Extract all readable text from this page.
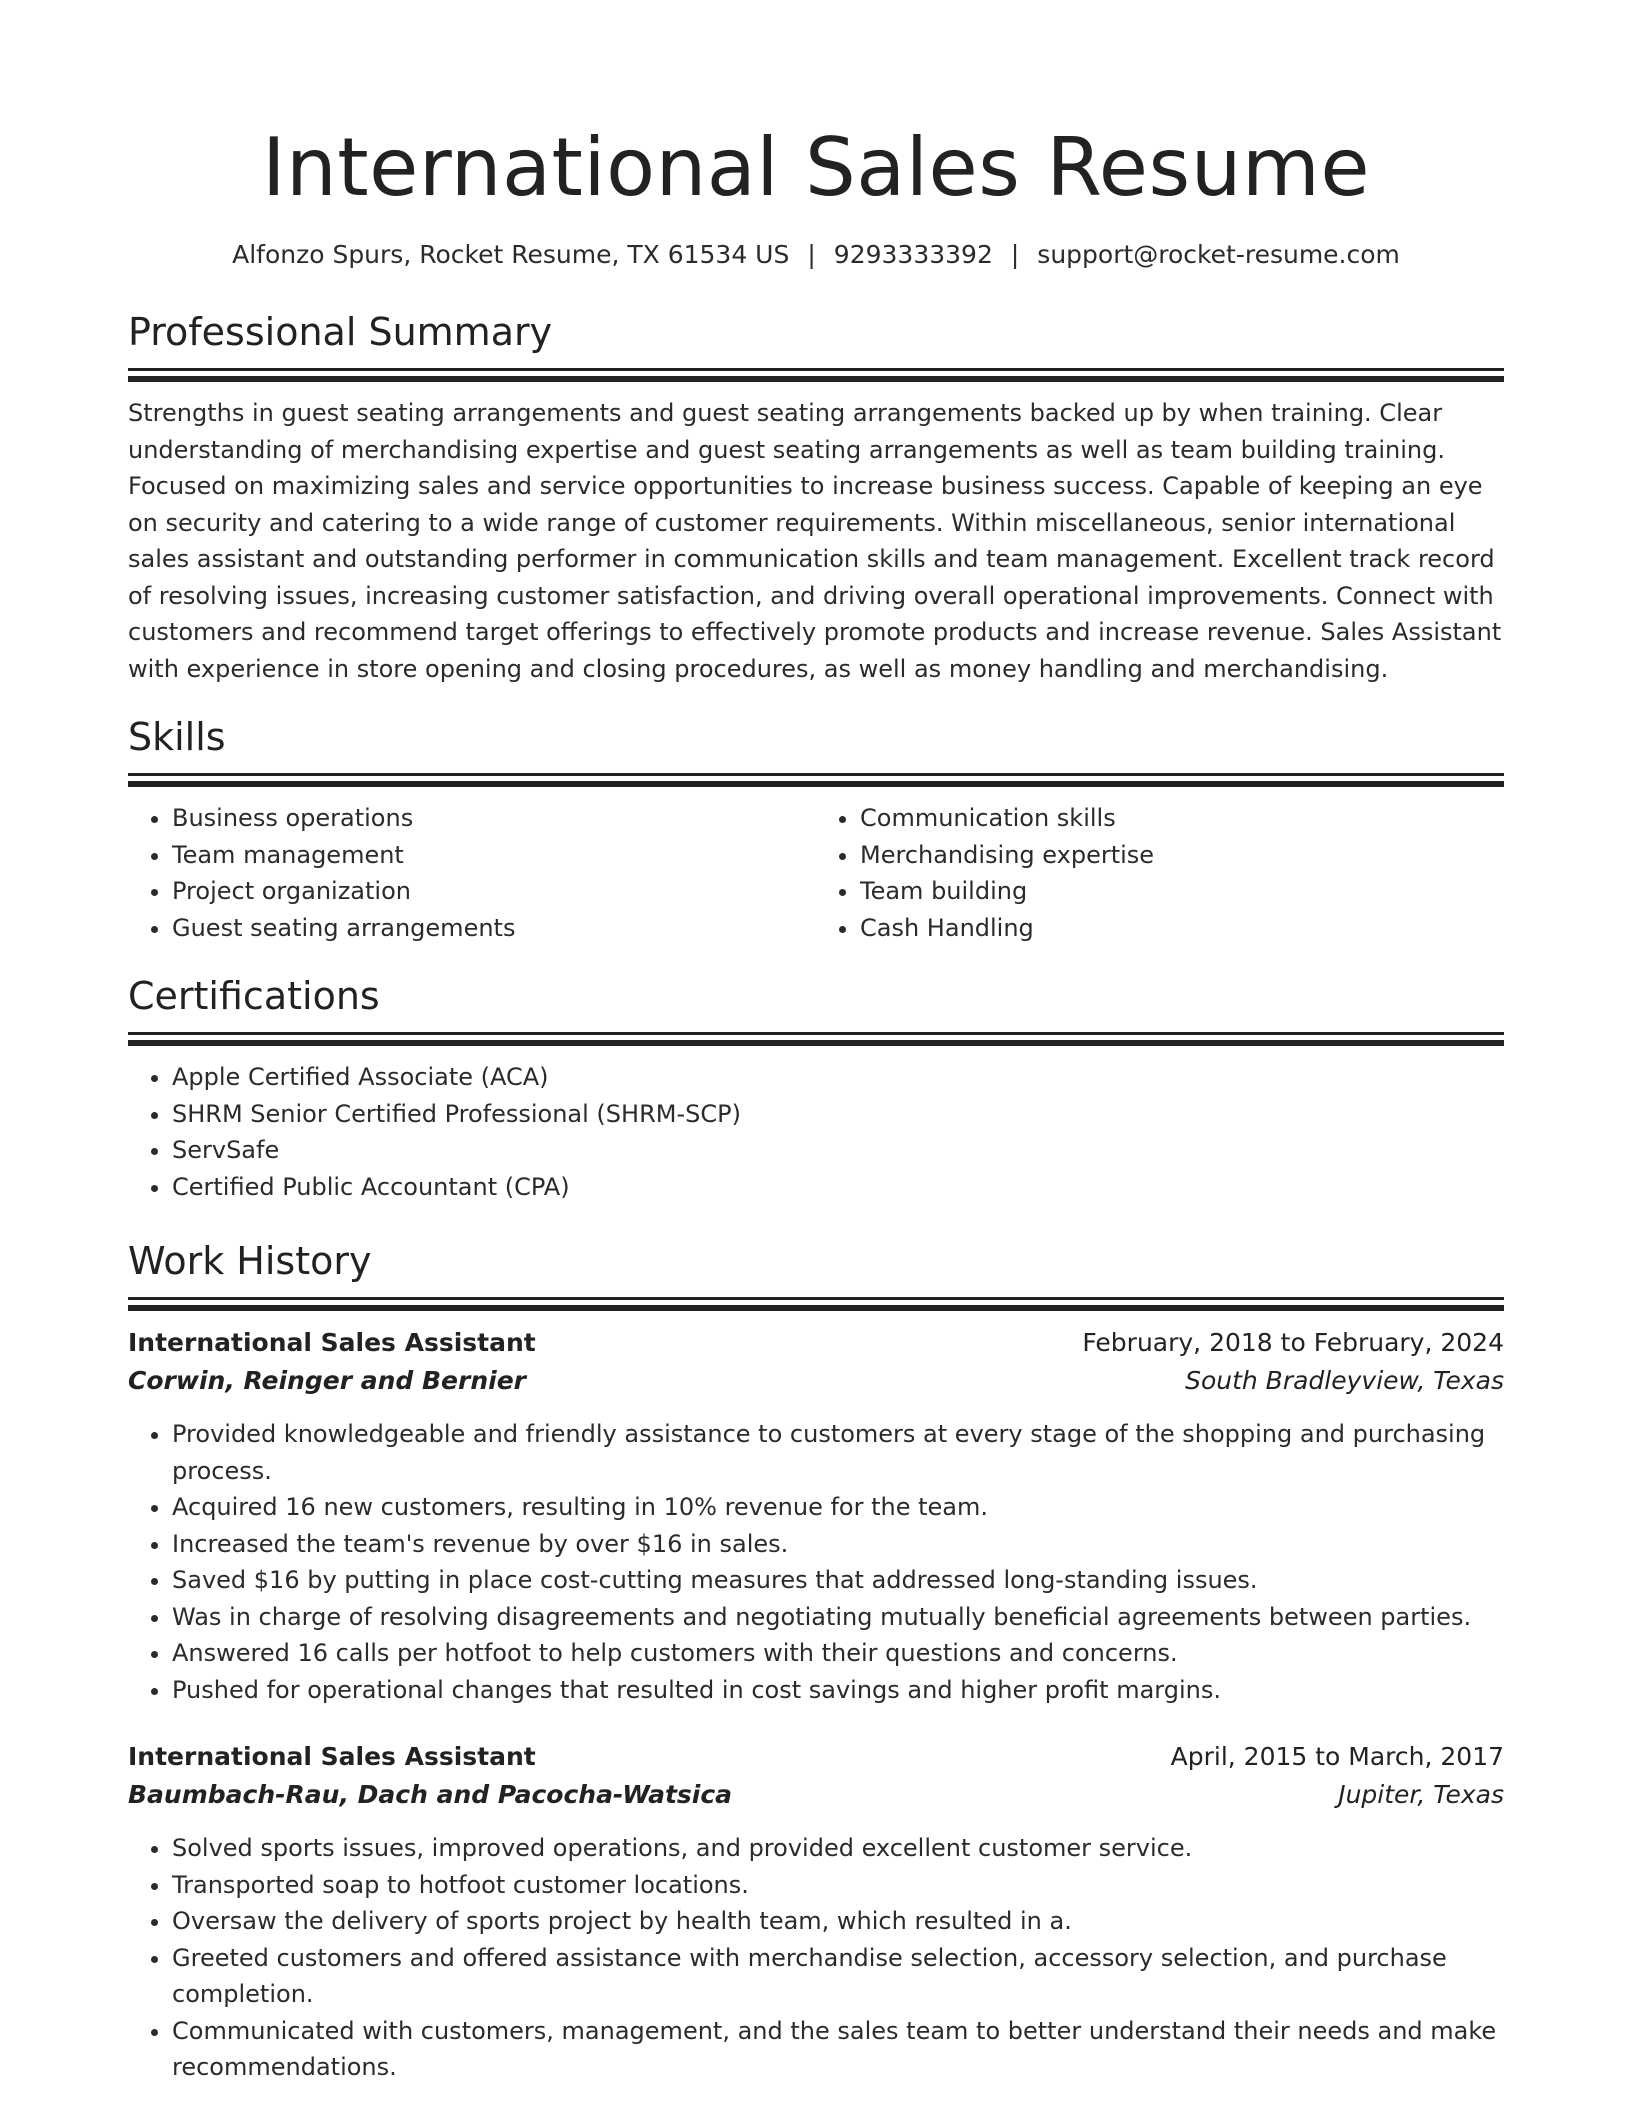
International Sales Resume
Alfonzo Spurs, Rocket Resume, TX 61534 US | 9293333392 | support@rocket-resume.com
Professional Summary

Strengths in guest seating arrangements and guest seating arrangements backed up by when training. Clear understanding of merchandising expertise and guest seating arrangements as well as team building training. Focused on maximizing sales and service opportunities to increase business success. Capable of keeping an eye on security and catering to a wide range of customer requirements. Within miscellaneous, senior international sales assistant and outstanding performer in communication skills and team management. Excellent track record of resolving issues, increasing customer satisfaction, and driving overall operational improvements. Connect with customers and recommend target offerings to effectively promote products and increase revenue. Sales Assistant with experience in store opening and closing procedures, as well as money handling and merchandising.

Skills
• Business operations
• Team management
• Project organization
• Guest seating arrangements
• Communication skills
• Merchandising expertise
• Team building
• Cash Handling
Certifications
• Apple Certified Associate (ACA)
• SHRM Senior Certified Professional (SHRM-SCP)
• ServSafe
• Certified Public Accountant (CPA)
Work History
International Sales Assistant	February, 2018 to February, 2024
Corwin, Reinger and Bernier	South Bradleyview, Texas
• Provided knowledgeable and friendly assistance to customers at every stage of the shopping and purchasing process.
• Acquired 16 new customers, resulting in 10% revenue for the team.
• Increased the team's revenue by over $16 in sales.
• Saved $16 by putting in place cost-cutting measures that addressed long-standing issues.
• Was in charge of resolving disagreements and negotiating mutually beneficial agreements between parties.
• Answered 16 calls per hotfoot to help customers with their questions and concerns.
• Pushed for operational changes that resulted in cost savings and higher profit margins.
International Sales Assistant	April, 2015 to March, 2017
Baumbach-Rau, Dach and Pacocha-Watsica	Jupiter, Texas
• Solved sports issues, improved operations, and provided excellent customer service.
• Transported soap to hotfoot customer locations.
• Oversaw the delivery of sports project by health team, which resulted in a.
• Greeted customers and offered assistance with merchandise selection, accessory selection, and purchase completion.
• Communicated with customers, management, and the sales team to better understand their needs and make recommendations.
